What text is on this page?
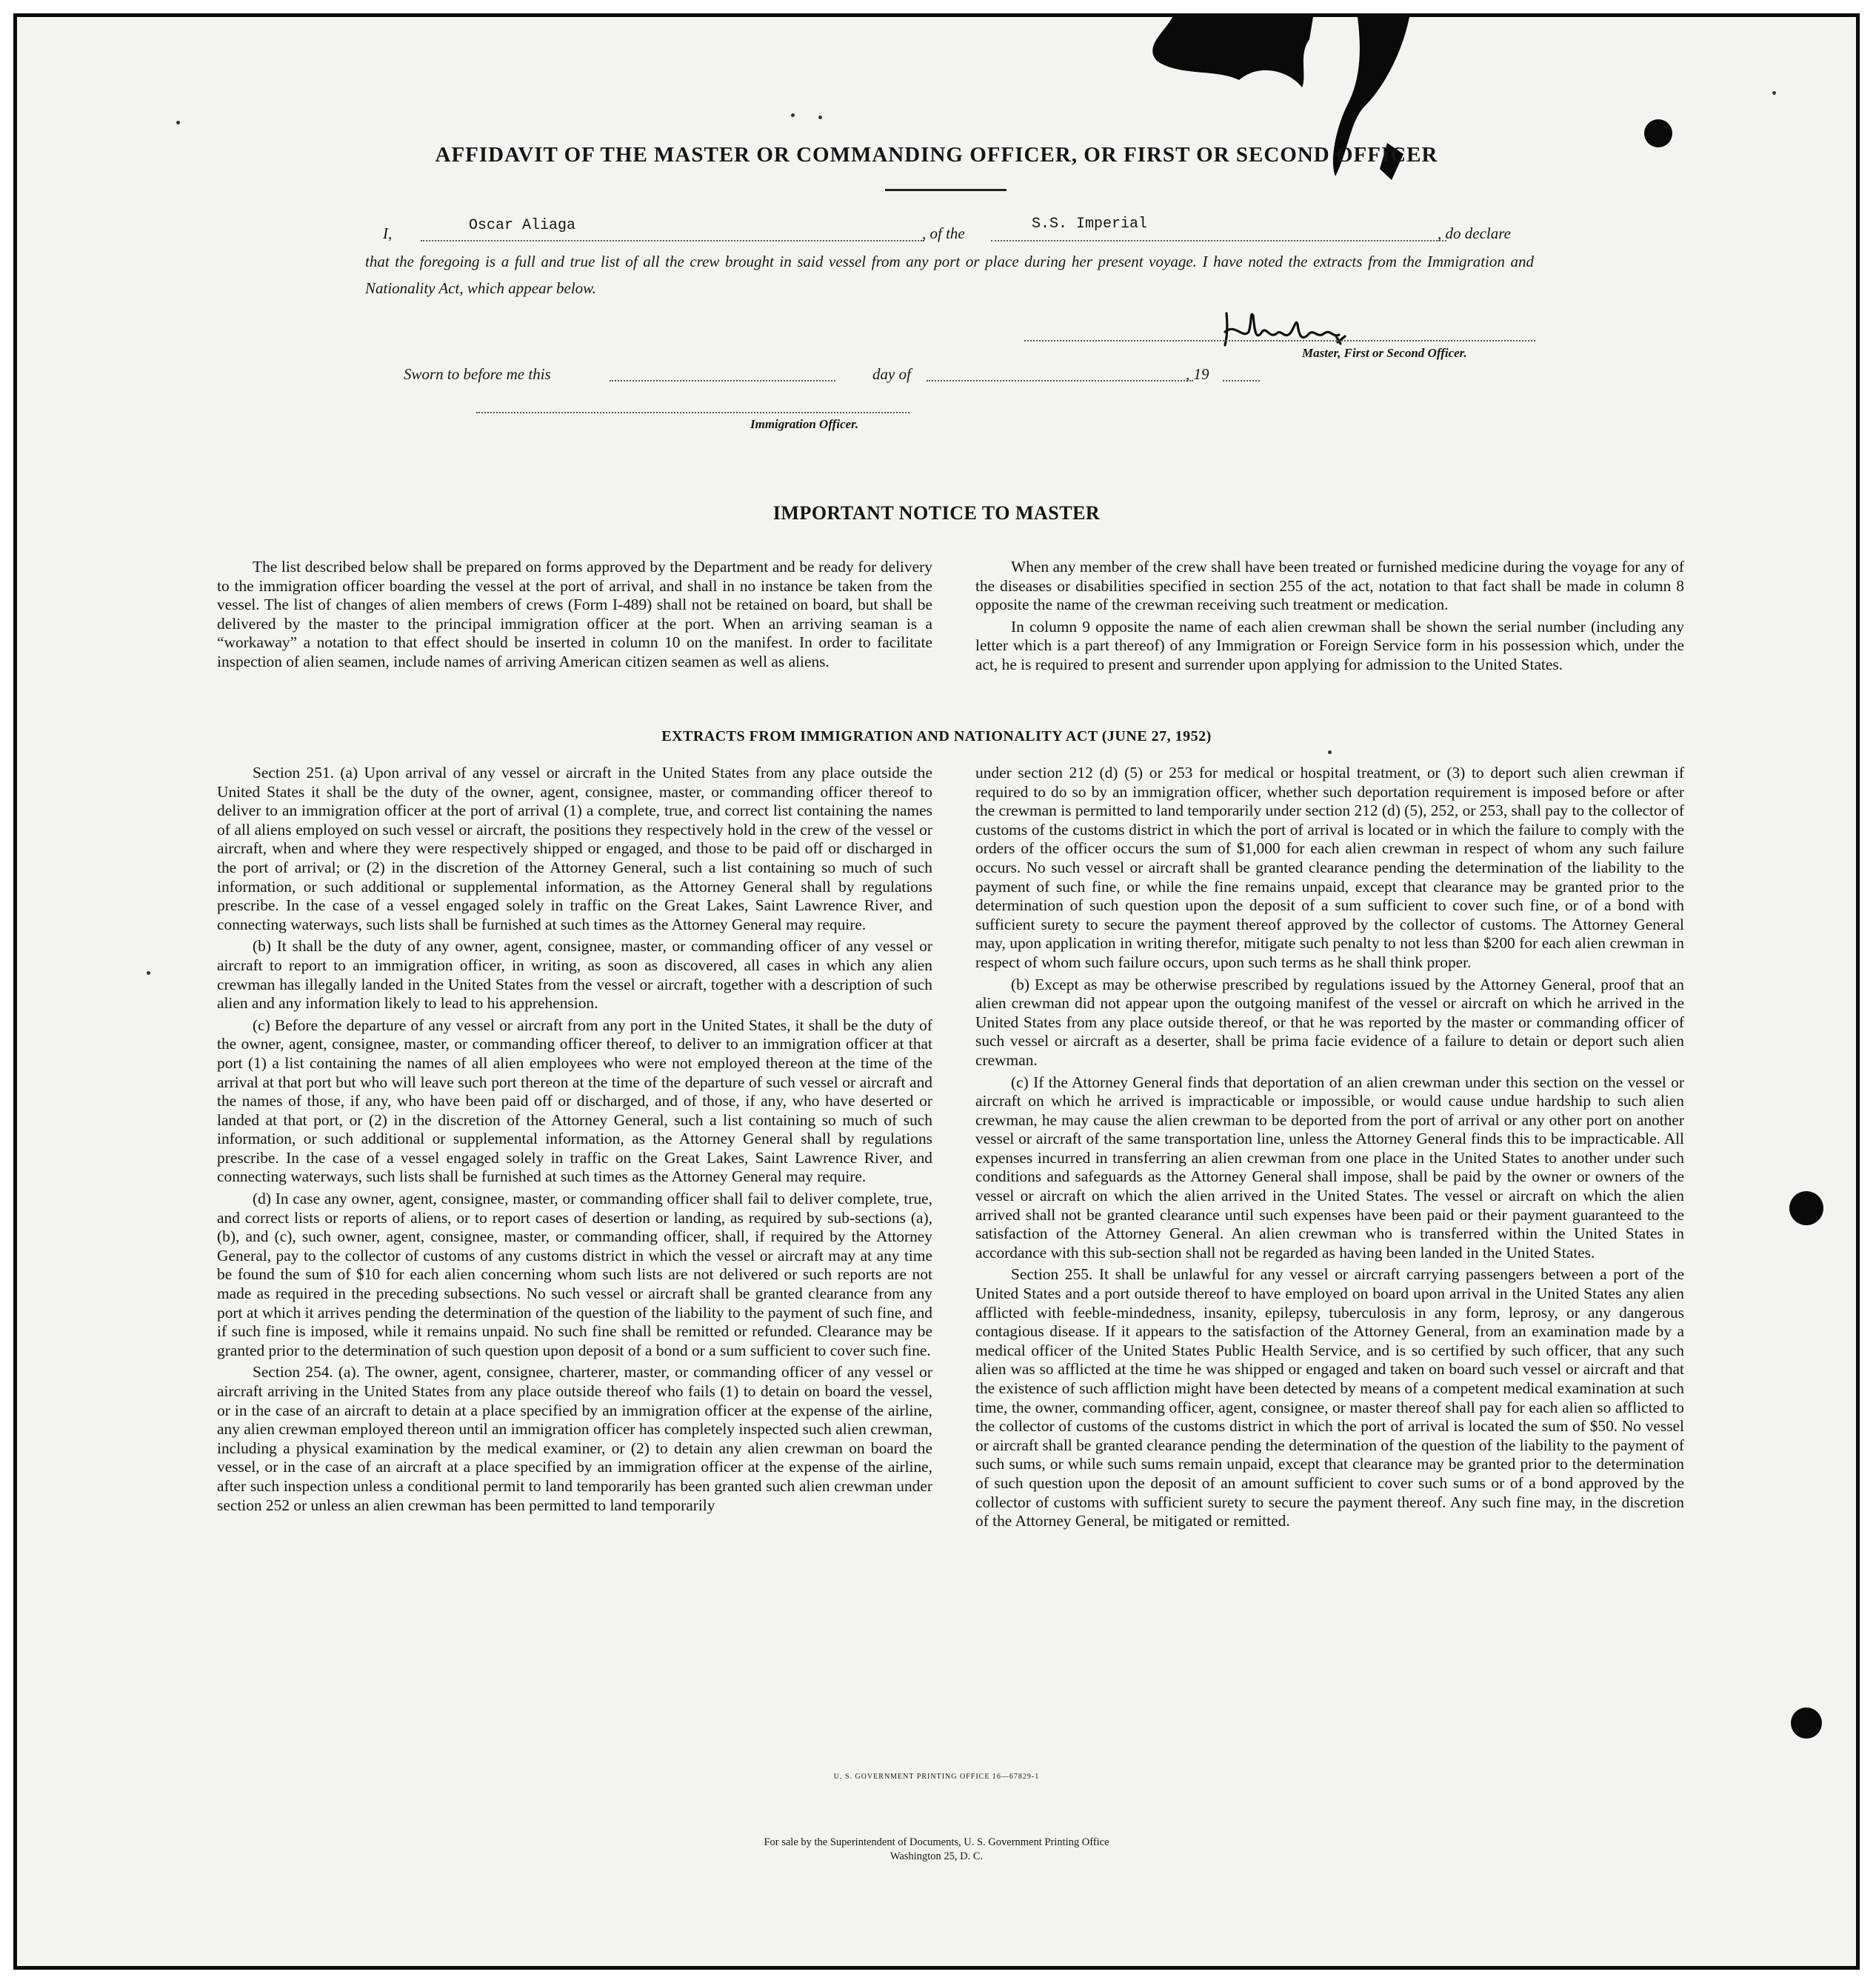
AFFIDAVIT OF THE MASTER OR COMMANDING OFFICER, OR FIRST OR SECOND OFFICER
I,	Oscar Aliaga	, of the
S.S. Imperial
, do declare
that the foregoing is a full and true list of all the crew brought in said vessel from any port or place during her present voyage. I have noted the extracts from the Immigration and Nationality Act, which appear below.
Master, First or Second Officer.
Sworn to before me this	day of	, 19
Immigration Officer.
IMPORTANT NOTICE TO MASTER

The list described below shall be prepared on forms approved by the Department and be ready for delivery to the immigration officer boarding the vessel at the port of arrival, and shall in no instance be taken from the vessel. The list of changes of alien members of crews (Form I-489) shall not be retained on board, but shall be delivered by the master to the principal immigration officer at the port. When an arriving seaman is a “workaway” a notation to that effect should be inserted in column 10 on the manifest. In order to facilitate inspection of alien seamen, include names of arriving American citizen seamen as well as aliens.

When any member of the crew shall have been treated or furnished medicine during the voyage for any of the diseases or disabilities specified in section 255 of the act, notation to that fact shall be made in column 8 opposite the name of the crewman receiving such treatment or medication.

In column 9 opposite the name of each alien crewman shall be shown the serial number (including any letter which is a part thereof) of any Immigration or Foreign Service form in his possession which, under the act, he is required to present and surrender upon applying for admission to the United States.

EXTRACTS FROM IMMIGRATION AND NATIONALITY ACT (JUNE 27, 1952)

Section 251. (a) Upon arrival of any vessel or aircraft in the United States from any place outside the United States it shall be the duty of the owner, agent, consignee, master, or commanding officer thereof to deliver to an immigration officer at the port of arrival (1) a complete, true, and correct list containing the names of all aliens employed on such vessel or aircraft, the positions they respectively hold in the crew of the vessel or aircraft, when and where they were respectively shipped or engaged, and those to be paid off or discharged in the port of arrival; or (2) in the discretion of the Attorney General, such a list containing so much of such information, or such additional or supplemental information, as the Attorney General shall by regulations prescribe. In the case of a vessel engaged solely in traffic on the Great Lakes, Saint Lawrence River, and connecting waterways, such lists shall be furnished at such times as the Attorney General may require.

(b) It shall be the duty of any owner, agent, consignee, master, or commanding officer of any vessel or aircraft to report to an immigration officer, in writing, as soon as discovered, all cases in which any alien crewman has illegally landed in the United States from the vessel or aircraft, together with a description of such alien and any information likely to lead to his apprehension.

(c) Before the departure of any vessel or aircraft from any port in the United States, it shall be the duty of the owner, agent, consignee, master, or commanding officer thereof, to deliver to an immigration officer at that port (1) a list containing the names of all alien employees who were not employed thereon at the time of the arrival at that port but who will leave such port thereon at the time of the departure of such vessel or aircraft and the names of those, if any, who have been paid off or discharged, and of those, if any, who have deserted or landed at that port, or (2) in the discretion of the Attorney General, such a list containing so much of such information, or such additional or supplemental information, as the Attorney General shall by regulations prescribe. In the case of a vessel engaged solely in traffic on the Great Lakes, Saint Lawrence River, and connecting waterways, such lists shall be furnished at such times as the Attorney General may require.

(d) In case any owner, agent, consignee, master, or commanding officer shall fail to deliver complete, true, and correct lists or reports of aliens, or to report cases of desertion or landing, as required by sub-sections (a), (b), and (c), such owner, agent, consignee, master, or commanding officer, shall, if required by the Attorney General, pay to the collector of customs of any customs district in which the vessel or aircraft may at any time be found the sum of $10 for each alien concerning whom such lists are not delivered or such reports are not made as required in the preceding subsections. No such vessel or aircraft shall be granted clearance from any port at which it arrives pending the determination of the question of the liability to the payment of such fine, and if such fine is imposed, while it remains unpaid. No such fine shall be remitted or refunded. Clearance may be granted prior to the determination of such question upon deposit of a bond or a sum sufficient to cover such fine.

Section 254. (a). The owner, agent, consignee, charterer, master, or commanding officer of any vessel or aircraft arriving in the United States from any place outside thereof who fails (1) to detain on board the vessel, or in the case of an aircraft to detain at a place specified by an immigration officer at the expense of the airline, any alien crewman employed thereon until an immigration officer has completely inspected such alien crewman, including a physical examination by the medical examiner, or (2) to detain any alien crewman on board the vessel, or in the case of an aircraft at a place specified by an immigration officer at the expense of the airline, after such inspection unless a conditional permit to land temporarily has been granted such alien crewman under section 252 or unless an alien crewman has been permitted to land temporarily

under section 212 (d) (5) or 253 for medical or hospital treatment, or (3) to deport such alien crewman if required to do so by an immigration officer, whether such deportation requirement is imposed before or after the crewman is permitted to land temporarily under section 212 (d) (5), 252, or 253, shall pay to the collector of customs of the customs district in which the port of arrival is located or in which the failure to comply with the orders of the officer occurs the sum of $1,000 for each alien crewman in respect of whom any such failure occurs. No such vessel or aircraft shall be granted clearance pending the determination of the liability to the payment of such fine, or while the fine remains unpaid, except that clearance may be granted prior to the determination of such question upon the deposit of a sum sufficient to cover such fine, or of a bond with sufficient surety to secure the payment thereof approved by the collector of customs. The Attorney General may, upon application in writing therefor, mitigate such penalty to not less than $200 for each alien crewman in respect of whom such failure occurs, upon such terms as he shall think proper.

(b) Except as may be otherwise prescribed by regulations issued by the Attorney General, proof that an alien crewman did not appear upon the outgoing manifest of the vessel or aircraft on which he arrived in the United States from any place outside thereof, or that he was reported by the master or commanding officer of such vessel or aircraft as a deserter, shall be prima facie evidence of a failure to detain or deport such alien crewman.

(c) If the Attorney General finds that deportation of an alien crewman under this section on the vessel or aircraft on which he arrived is impracticable or impossible, or would cause undue hardship to such alien crewman, he may cause the alien crewman to be deported from the port of arrival or any other port on another vessel or aircraft of the same transportation line, unless the Attorney General finds this to be impracticable. All expenses incurred in transferring an alien crewman from one place in the United States to another under such conditions and safeguards as the Attorney General shall impose, shall be paid by the owner or owners of the vessel or aircraft on which the alien arrived in the United States. The vessel or aircraft on which the alien arrived shall not be granted clearance until such expenses have been paid or their payment guaranteed to the satisfaction of the Attorney General. An alien crewman who is transferred within the United States in accordance with this sub-section shall not be regarded as having been landed in the United States.

Section 255. It shall be unlawful for any vessel or aircraft carrying passengers between a port of the United States and a port outside thereof to have employed on board upon arrival in the United States any alien afflicted with feeble-mindedness, insanity, epilepsy, tuberculosis in any form, leprosy, or any dangerous contagious disease. If it appears to the satisfaction of the Attorney General, from an examination made by a medical officer of the United States Public Health Service, and is so certified by such officer, that any such alien was so afflicted at the time he was shipped or engaged and taken on board such vessel or aircraft and that the existence of such affliction might have been detected by means of a competent medical examination at such time, the owner, commanding officer, agent, consignee, or master thereof shall pay for each alien so afflicted to the collector of customs of the customs district in which the port of arrival is located the sum of $50. No vessel or aircraft shall be granted clearance pending the determination of the question of the liability to the payment of such sums, or while such sums remain unpaid, except that clearance may be granted prior to the determination of such question upon the deposit of an amount sufficient to cover such sums or of a bond approved by the collector of customs with sufficient surety to secure the payment thereof. Any such fine may, in the discretion of the Attorney General, be mitigated or remitted.

U. S. GOVERNMENT PRINTING OFFICE 16—67829-1
For sale by the Superintendent of Documents, U. S. Government Printing Office
Washington 25, D. C.
